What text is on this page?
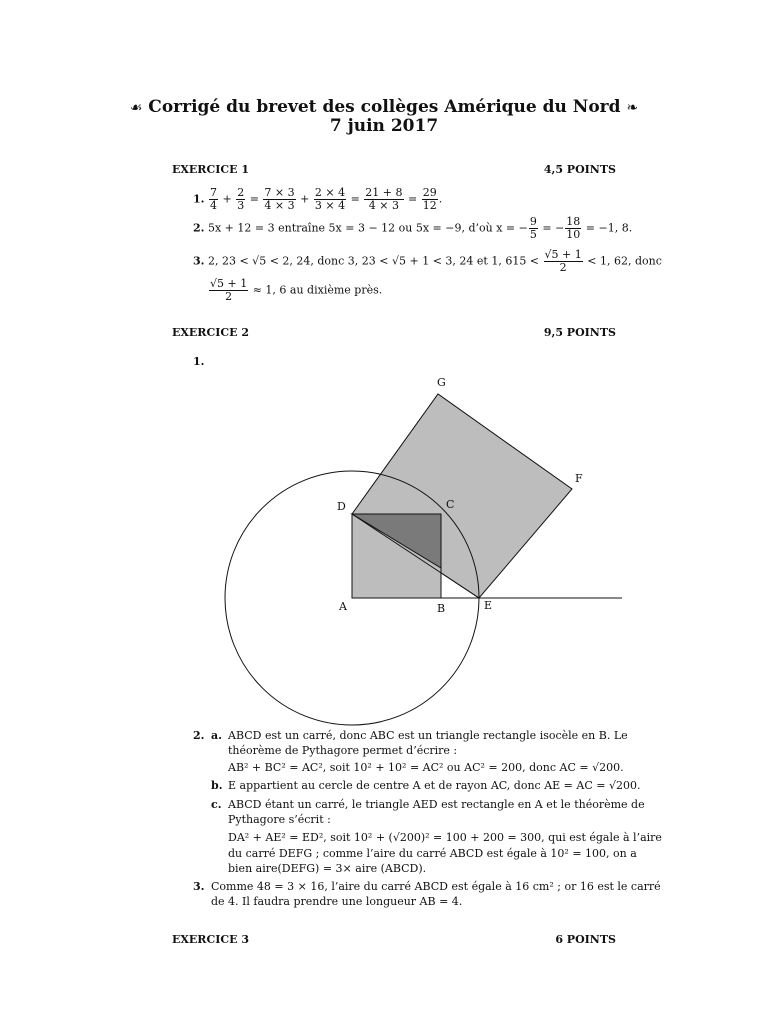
☙ Corrigé du brevet des collèges Amérique du Nord ❧
7 juin 2017
EXERCICE 1	4,5 POINTS
1. $\frac{7}{4} + \frac{2}{3} = \frac{7 \times 3}{4 \times 3} + \frac{2 \times 4}{3 \times 4} = \frac{21 + 8}{4 \times 3} = \frac{29}{12}$ .
2. 5x + 12 = 3 entraîne 5x = 3 − 12 ou 5x = −9, d’où x = − $\frac{9}{5}$ = − $\frac{18}{10} = -1$, 8.
3. 2, 23 < √5 < 2, 24, donc 3, 23 < √5 + 1 < 3, 24 et 1, $615 < \frac{√5 + 1}{2} < 1$, 62, donc
$\frac{√5 + 1}{2} \approx 1$, 6 au dixième près.
EXERCICE 2	9,5 POINTS
1.
G
F
D	C
A	B	E
2. a. ABCD est un carré, donc ABC est un triangle rectangle isocèle en B. Le
théorème de Pythagore permet d’écrire :
AB² + BC² = AC², soit 10² + 10² = AC² ou AC² = 200, donc AC = √200.
b. E appartient au cercle de centre A et de rayon AC, donc AE = AC = √200.
c. ABCD étant un carré, le triangle AED est rectangle en A et le théorème de
Pythagore s’écrit :
DA² + AE² = ED², soit 10² + (√200)² = 100 + 200 = 300, qui est égale à l’aire
du carré DEFG ; comme l’aire du carré ABCD est égale à 10² = 100, on a
bien aire(DEFG) = 3× aire (ABCD).
3. Comme 48 = 3 × 16, l’aire du carré ABCD est égale à 16 cm² ; or 16 est le carré
de 4. Il faudra prendre une longueur AB = 4.
EXERCICE 3	6 POINTS
